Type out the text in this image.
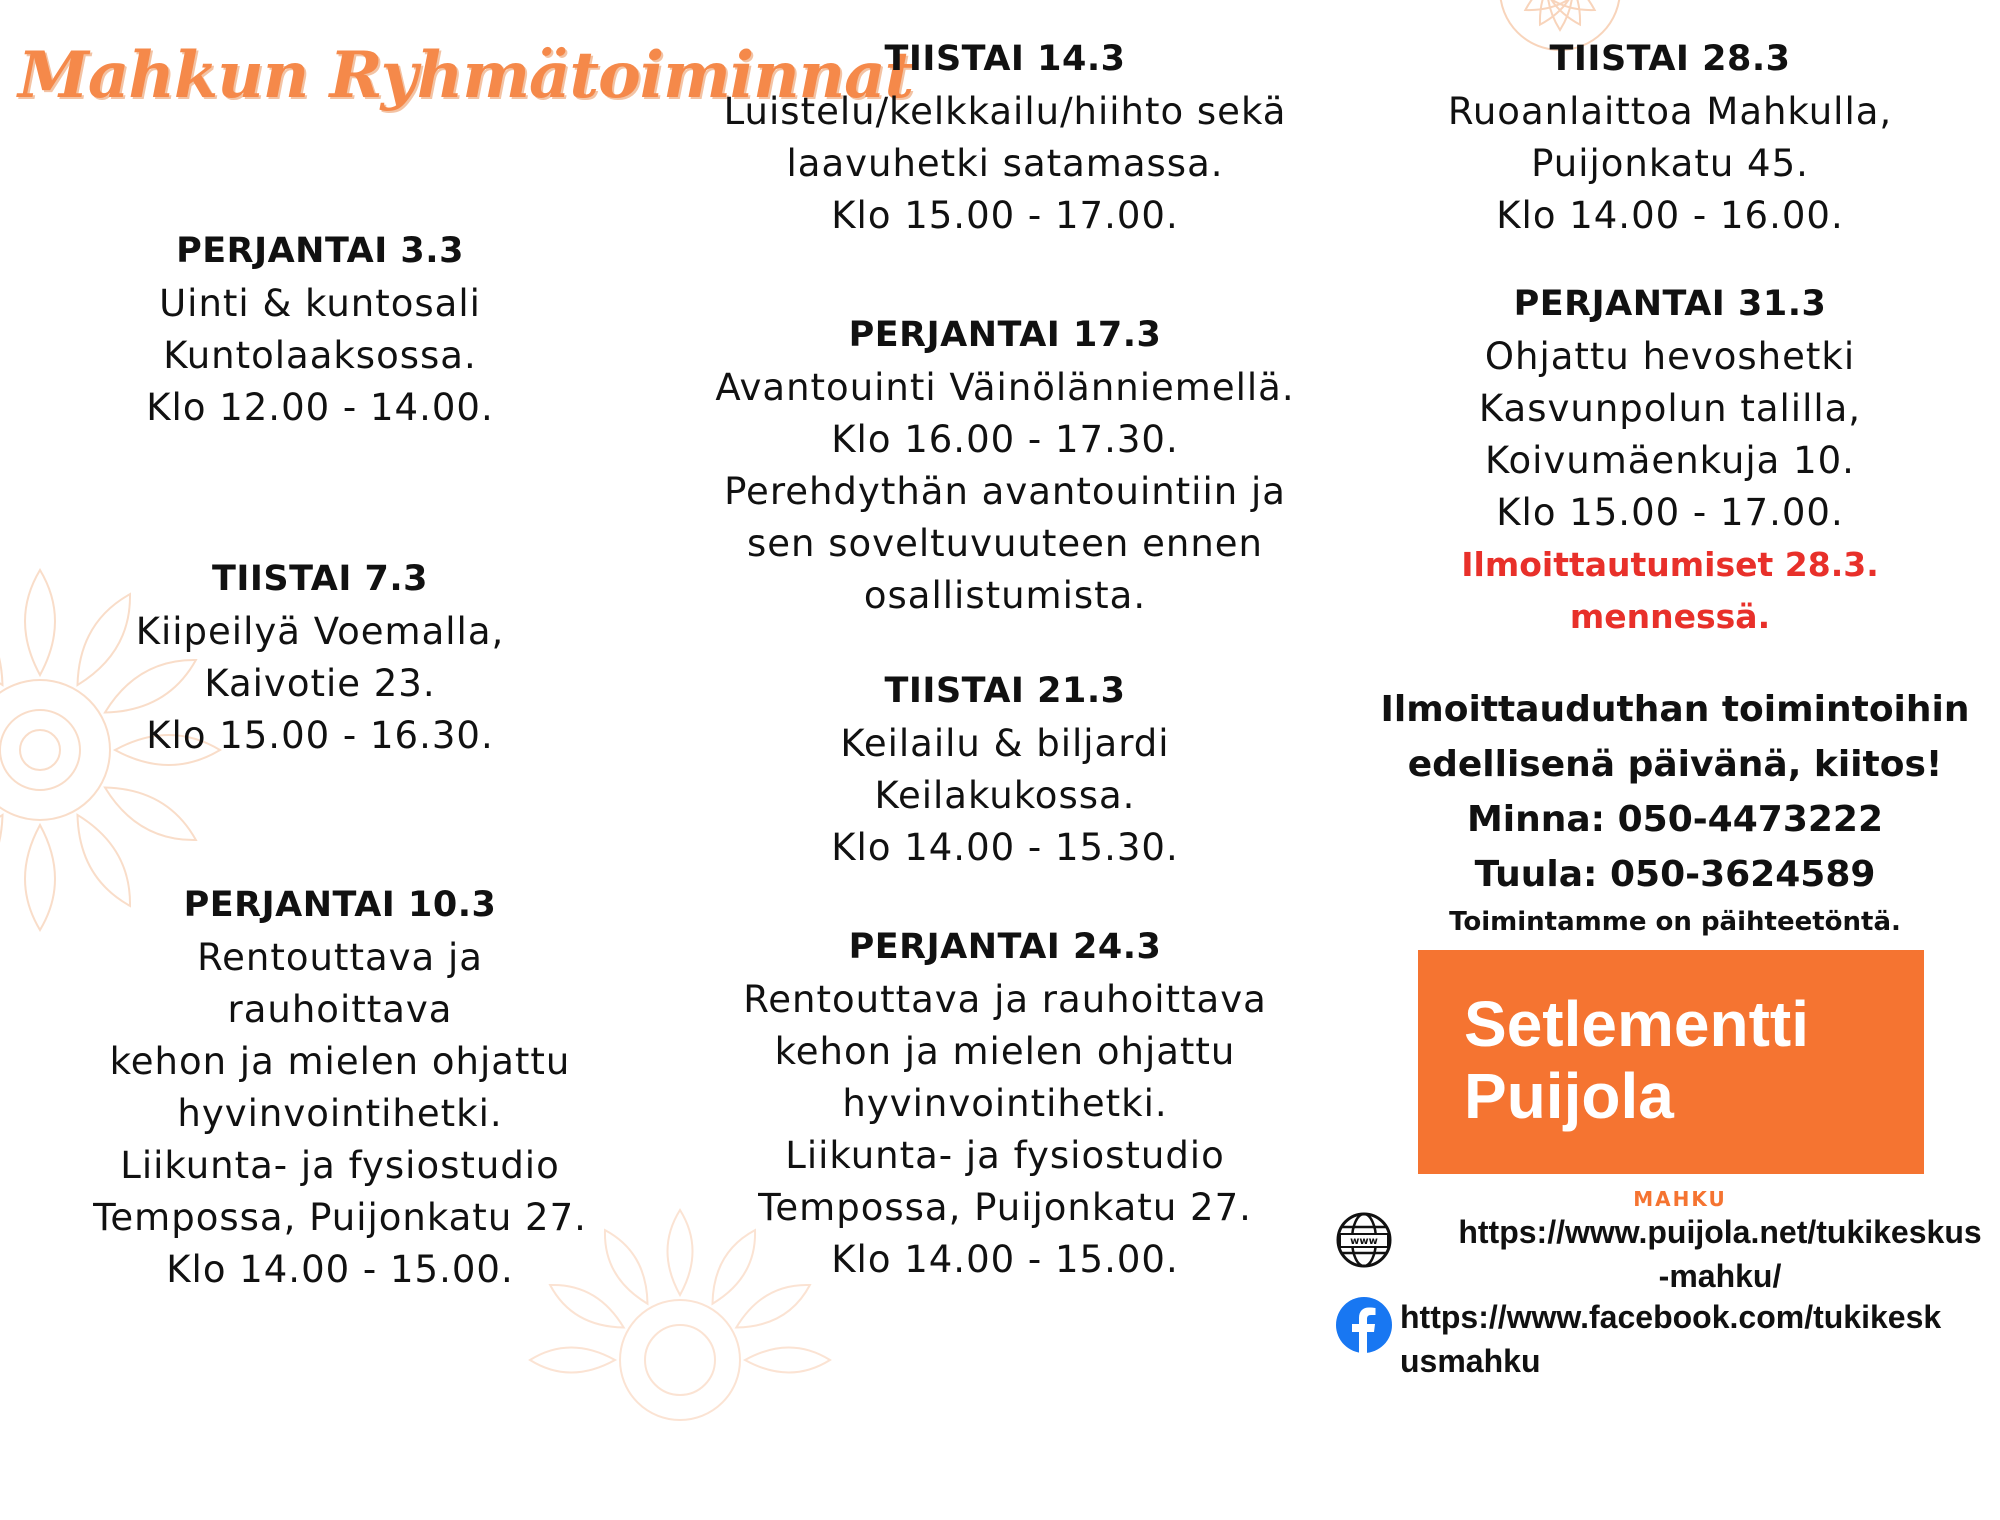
Mahkun Ryhmätoiminnat
PERJANTAI 3.3
Uinti & kuntosali
Kuntolaaksossa.
Klo 12.00 - 14.00.
TIISTAI 7.3
Kiipeilyä Voemalla,
Kaivotie 23.
Klo 15.00 - 16.30.
PERJANTAI 10.3
Rentouttava ja rauhoittava
kehon ja mielen ohjattu
hyvinvointihetki.
Liikunta- ja fysiostudio
Tempossa, Puijonkatu 27.
Klo 14.00 - 15.00.
TIISTAI 14.3
Luistelu/kelkkailu/hiihto sekä
laavuhetki satamassa.
Klo 15.00 - 17.00.
PERJANTAI 17.3
Avantouinti Väinölänniemellä.
Klo 16.00 - 17.30.
Perehdythän avantouintiin ja
sen soveltuvuuteen ennen
osallistumista.
TIISTAI 21.3
Keilailu & biljardi
Keilakukossa.
Klo 14.00 - 15.30.
PERJANTAI 24.3
Rentouttava ja rauhoittava
kehon ja mielen ohjattu
hyvinvointihetki.
Liikunta- ja fysiostudio
Tempossa, Puijonkatu 27.
Klo 14.00 - 15.00.
TIISTAI 28.3
Ruoanlaittoa Mahkulla,
Puijonkatu 45.
Klo 14.00 - 16.00.
PERJANTAI 31.3
Ohjattu hevoshetki
Kasvunpolun talilla,
Koivumäenkuja 10.
Klo 15.00 - 17.00.
Ilmoittautumiset 28.3.
mennessä.
Ilmoittauduthan toimintoihin
edellisenä päivänä, kiitos!
Minna: 050-4473222
Tuula: 050-3624589
Toimintamme on päihteetöntä.
Setlementti
Puijola
MAHKU
www	https://www.puijola.net/tukikeskus
-mahku/
https://www.facebook.com/tukikesk
usmahku
